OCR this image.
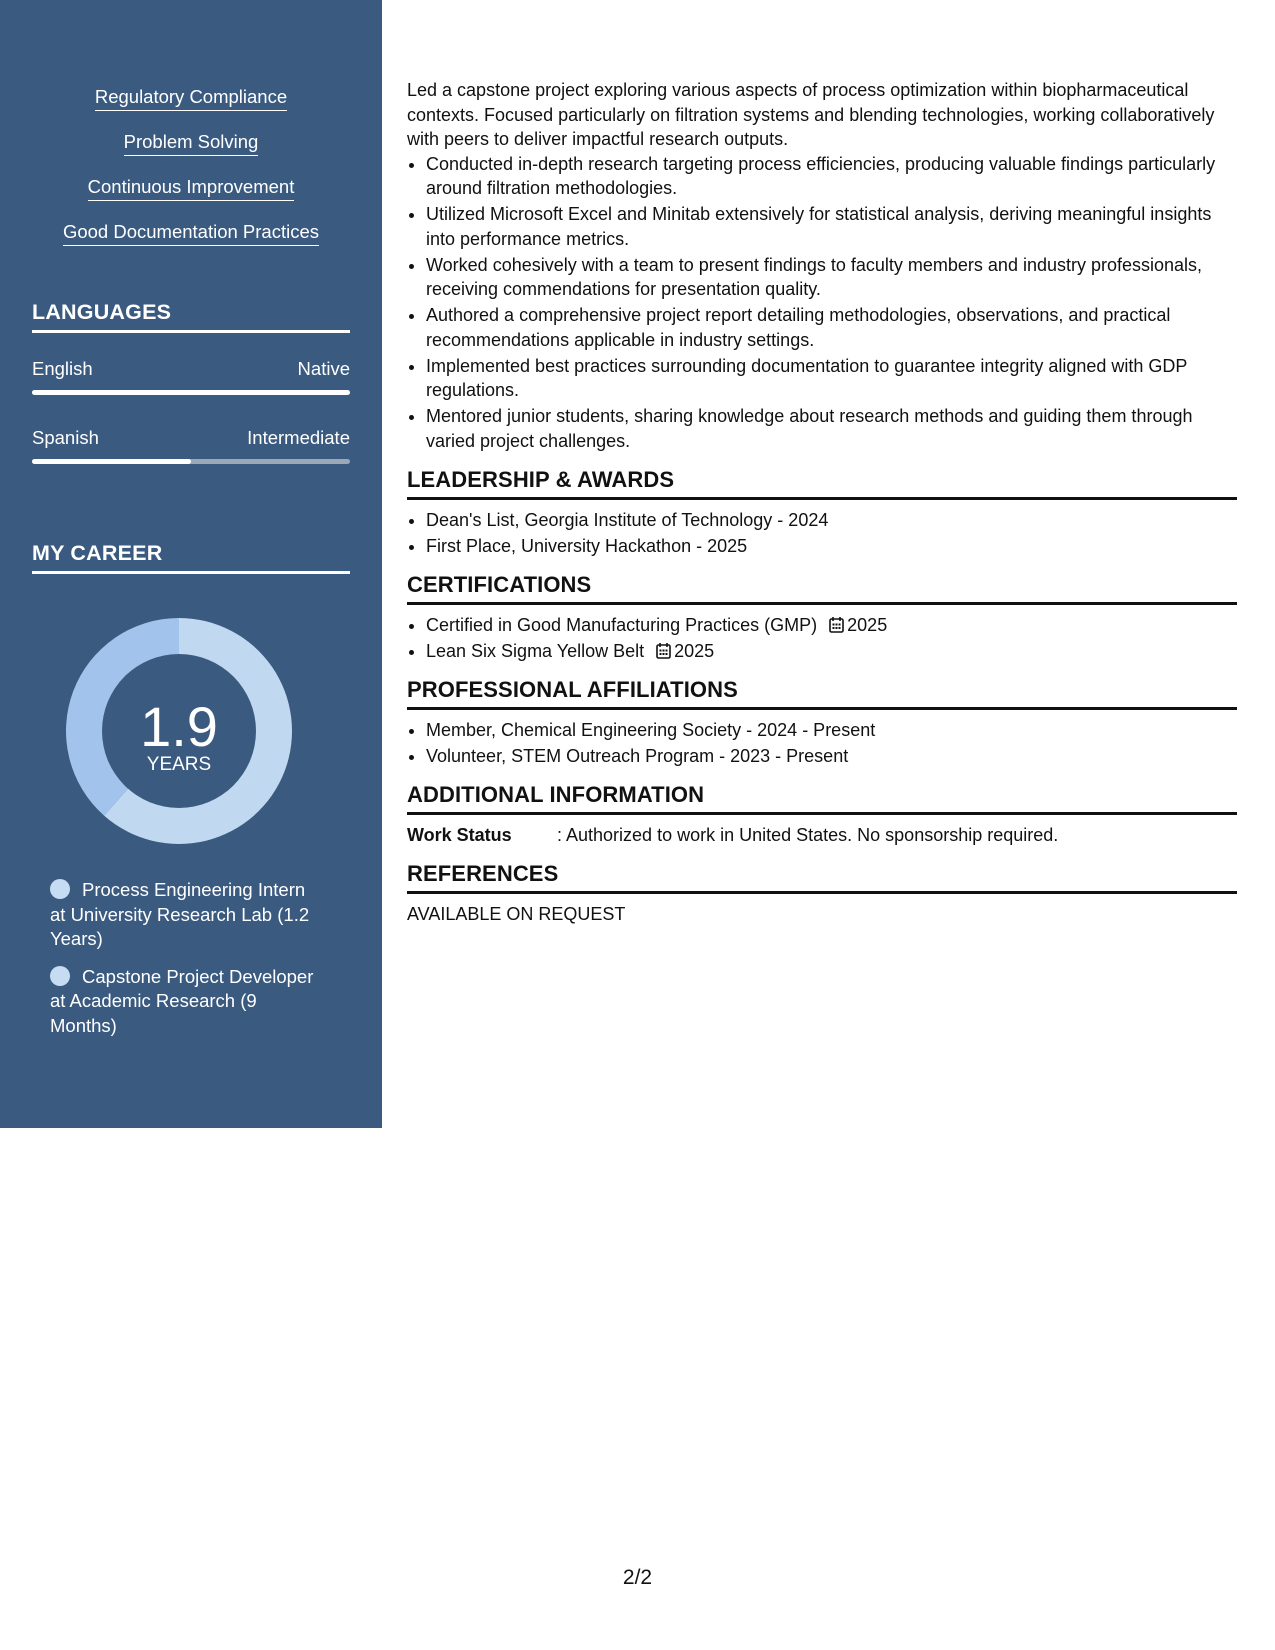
Regulatory Compliance
Problem Solving
Continuous Improvement
Good Documentation Practices
LANGUAGES
English	Native
Spanish	Intermediate
MY CAREER
1.9
YEARS
Process Engineering Intern at University Research Lab (1.2 Years)
Capstone Project Developer at Academic Research (9 Months)

Led a capstone project exploring various aspects of process optimization within biopharmaceutical contexts. Focused particularly on filtration systems and blending technologies, working collaboratively with peers to deliver impactful research outputs.

• Conducted in-depth research targeting process efficiencies, producing valuable findings particularly around filtration methodologies.
• Utilized Microsoft Excel and Minitab extensively for statistical analysis, deriving meaningful insights into performance metrics.
• Worked cohesively with a team to present findings to faculty members and industry professionals, receiving commendations for presentation quality.
• Authored a comprehensive project report detailing methodologies, observations, and practical recommendations applicable in industry settings.
• Implemented best practices surrounding documentation to guarantee integrity aligned with GDP regulations.
• Mentored junior students, sharing knowledge about research methods and guiding them through varied project challenges.
LEADERSHIP & AWARDS
• Dean's List, Georgia Institute of Technology - 2024
• First Place, University Hackathon - 2025
CERTIFICATIONS
• Certified in Good Manufacturing Practices (GMP) 2025
• Lean Six Sigma Yellow Belt 2025
PROFESSIONAL AFFILIATIONS
• Member, Chemical Engineering Society - 2024 - Present
• Volunteer, STEM Outreach Program - 2023 - Present
ADDITIONAL INFORMATION
Work Status	: Authorized to work in United States. No sponsorship required.
REFERENCES
AVAILABLE ON REQUEST
2/2
